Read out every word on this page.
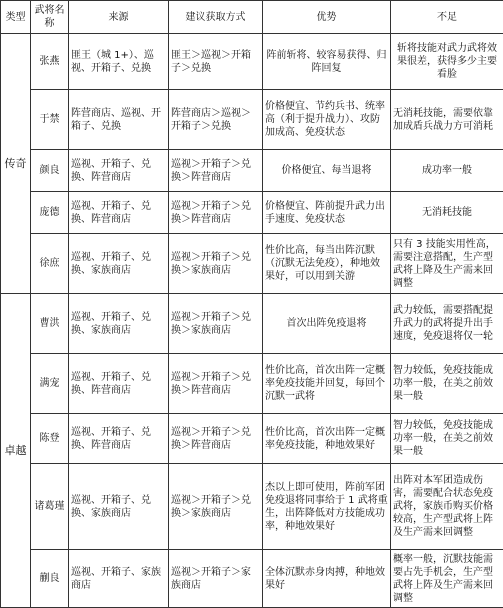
类型	武将名称	来源	建议获取方式	优势	不足
传奇	张燕	匪王（城 1+）、巡视、开箱子、兑换	匪王＞巡视＞开箱子＞兑换	阵前斩将、较容易获得、归阵回复	斩将技能对武力武将效果很差，获得多少主要看脸
	于禁	阵营商店、巡视、开箱子、兑换	阵营商店＞巡视＞开箱子＞兑换	价格便宜、节约兵书、统率高（利于提升战力）、攻防加成高、免疫状态	无消耗技能，需要依靠加成盾兵战力方可消耗
	颜良	巡视、开箱子、兑换、阵营商店	巡视＞开箱子＞兑换＞阵营商店	价格便宜、每当退将	成功率一般
	庞德	巡视、开箱子、兑换、阵营商店	巡视＞开箱子＞兑换＞阵营商店	价格便宜、阵前提升武力出手速度、免疫状态	无消耗技能
	徐庶	巡视、开箱子、兑换、家族商店	巡视＞开箱子＞兑换＞家族商店	性价比高，每当出阵沉默（沉默无法免疫），种地效果好，可以用到关游	只有 3 技能实用性高，需要注意搭配，生产型武将上降及生产需来回调整
卓越	曹洪	巡视、开箱子、兑换、家族商店	巡视＞开箱子＞兑换＞家族商店	首次出阵免疫退将	武力较低，需要搭配提升武力的武将提升出手速度，免疫退将仅一轮
	满宠	巡视、开箱子、兑换、阵营商店	巡视＞开箱子＞兑换＞阵营商店	性价比高，首次出阵一定概率免疫技能并回复，每回个沉默一武将	智力较低，免疫技能成功率一般，在美之前效果一般
	陈登	巡视、开箱子、兑换、阵营商店	巡视＞开箱子＞兑换＞阵营商店	性价比高，首次出阵一定概率免疫技能，种地效果好	智力较低，免疫技能成功率一般，在美之前效果一般
	诸葛瑾	巡视、开箱子、兑换、家族商店	巡视＞开箱子＞兑换＞家族商店	杰以上即可使用，阵前军团免疫退将同事给于 1 武将重生，出阵降低对方技能成功率，种地效果好	出阵对本军团造成伤害，需要配合状态免疫武将，家族币购买价格较高，生产型武将上阵及生产需来回调整
	蒯良	巡视、开箱子、家族商店	巡视＞开箱子＞家族商店	全体沉默赤身肉搏，种地效果好	概率一般，沉默技能需要占先手机会，生产型武将上阵及生产需来回调整
